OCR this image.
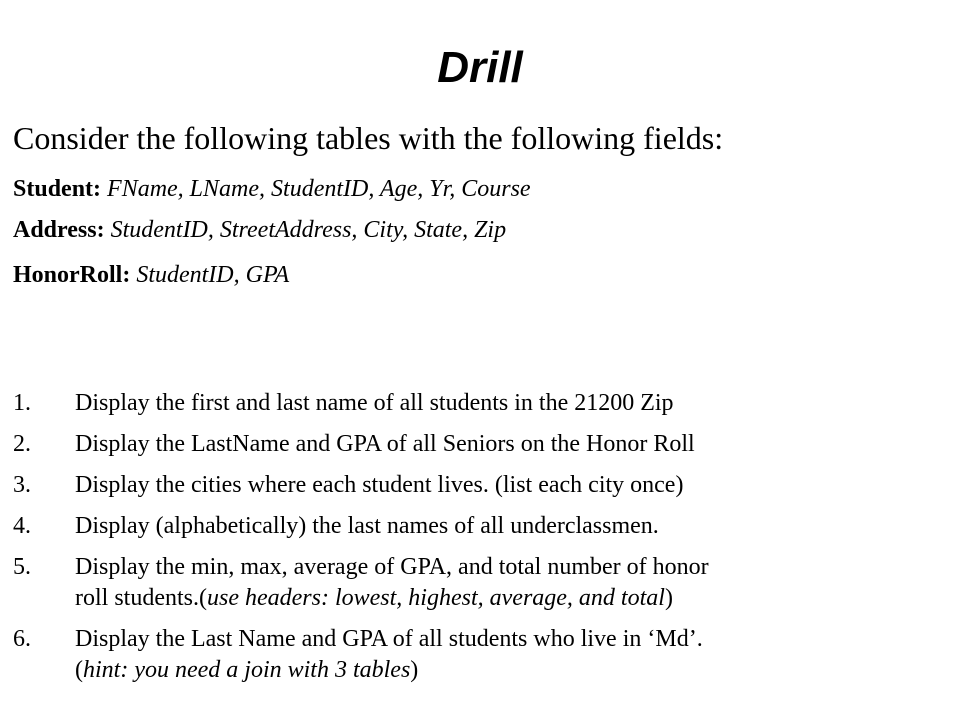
Drill
Consider the following tables with the following fields:
Student: FName, LName, StudentID, Age, Yr, Course
Address: StudentID, StreetAddress, City, State, Zip
HonorRoll: StudentID, GPA
1.	Display the first and last name of all students in the 21200 Zip
2.	Display the LastName and GPA of all Seniors on the Honor Roll
3.	Display the cities where each student lives. (list each city once)
4.	Display (alphabetically) the last names of all underclassmen.
5.	Display the min, max, average of GPA, and total number of honor
roll students.(use headers: lowest, highest, average, and total)
6.	Display the Last Name and GPA of all students who live in ‘Md’.
(hint: you need a join with 3 tables)
